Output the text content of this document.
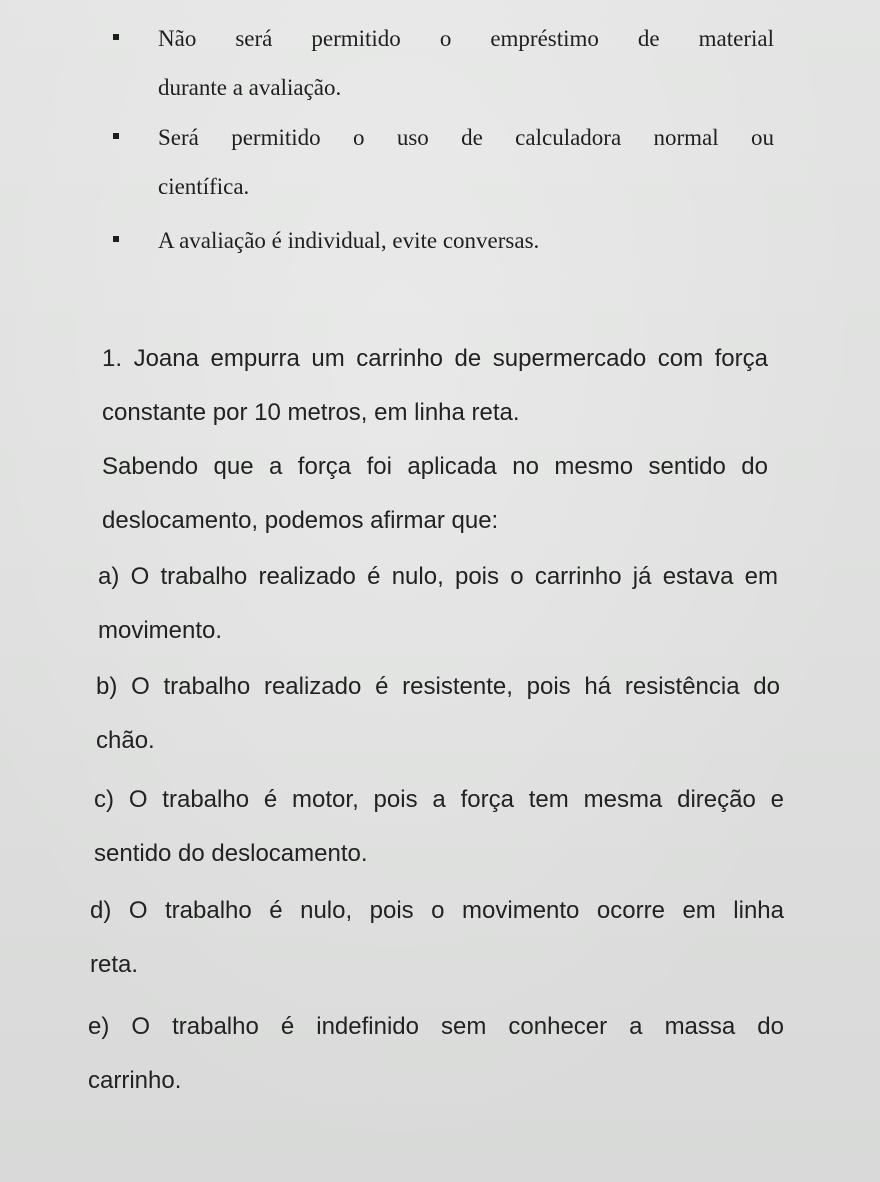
Não será permitido o empréstimo de material
durante a avaliação.
Será permitido o uso de calculadora normal ou
científica.
A avaliação é individual, evite conversas.
1. Joana empurra um carrinho de supermercado com força
constante por 10 metros, em linha reta.
Sabendo que a força foi aplicada no mesmo sentido do
deslocamento, podemos afirmar que:
a) O trabalho realizado é nulo, pois o carrinho já estava em
movimento.
b) O trabalho realizado é resistente, pois há resistência do
chão.
c) O trabalho é motor, pois a força tem mesma direção e
sentido do deslocamento.
d) O trabalho é nulo, pois o movimento ocorre em linha
reta.
e) O trabalho é indefinido sem conhecer a massa do
carrinho.
